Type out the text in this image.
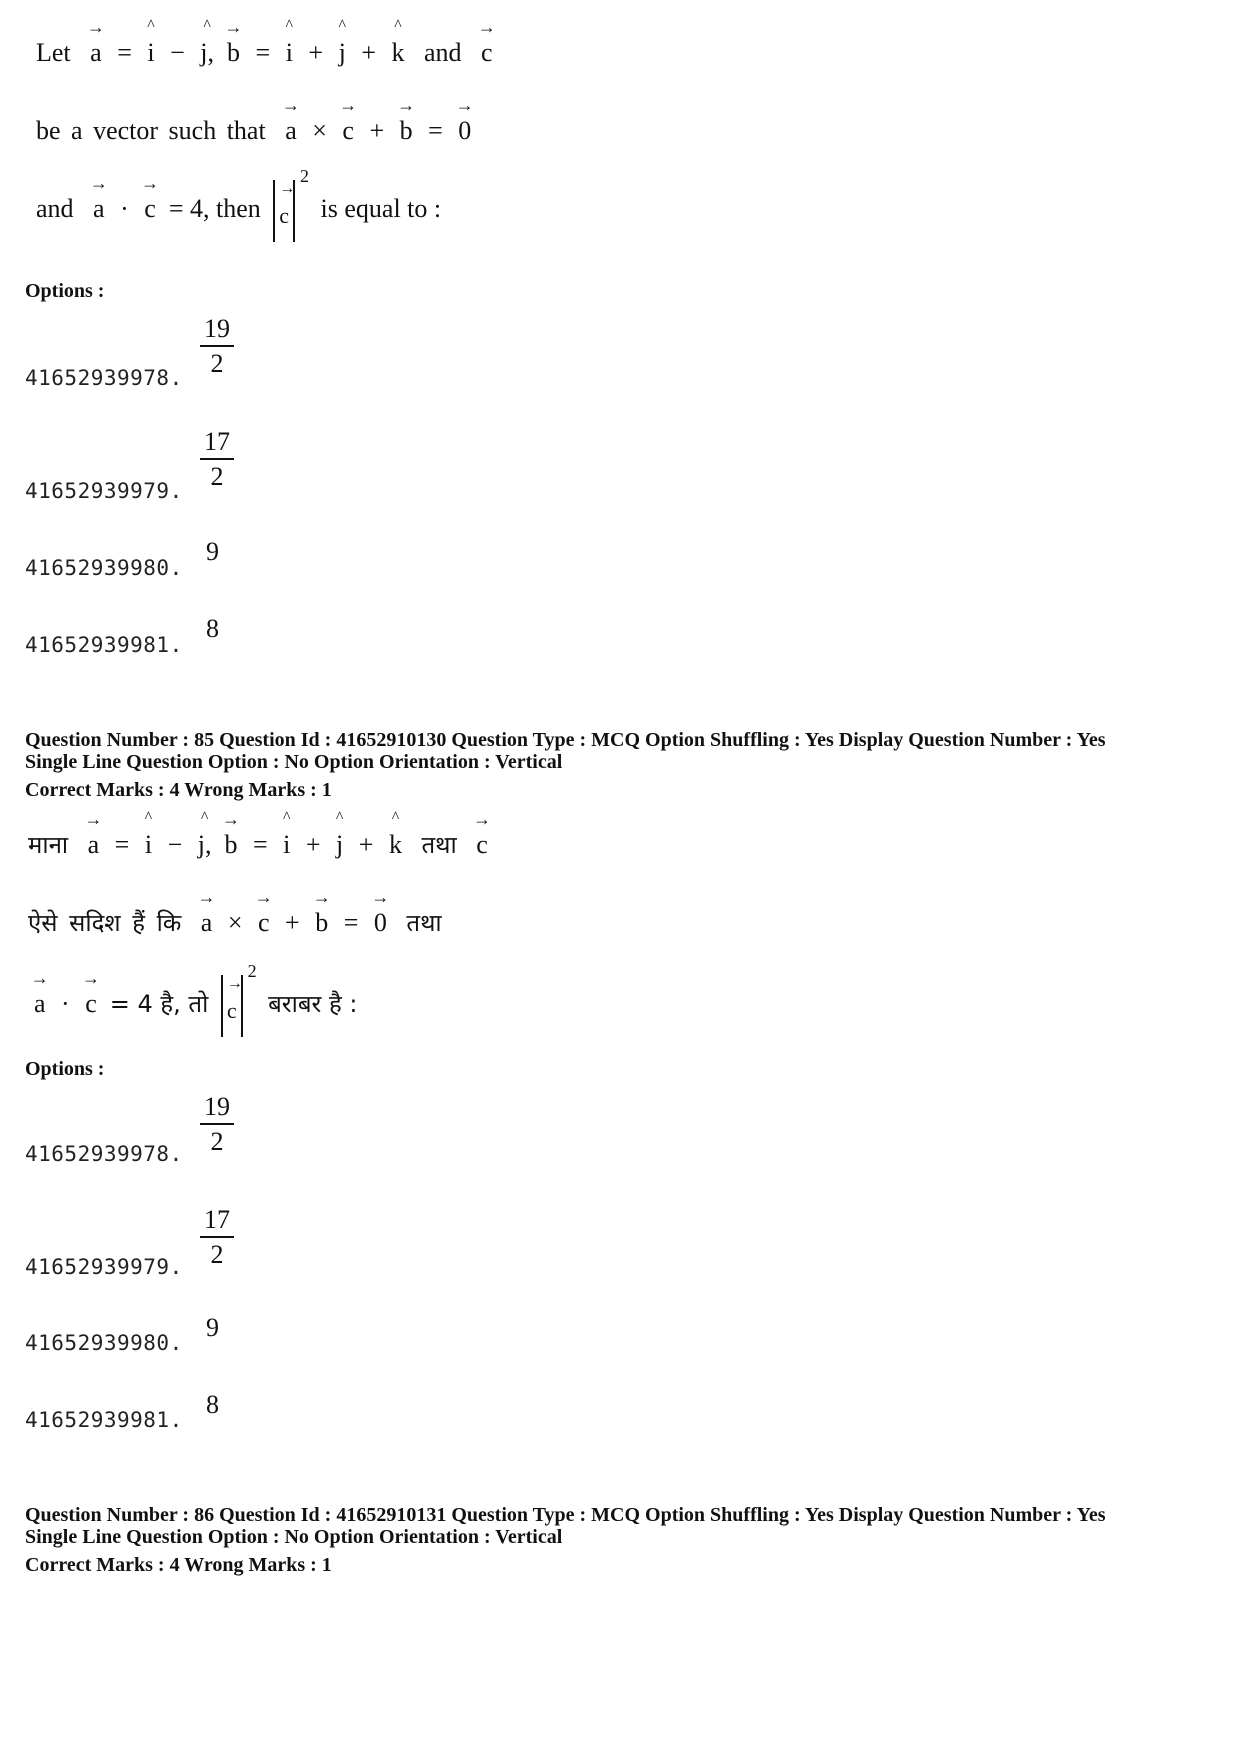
Let
→
a =
^
i −
^
j,
→
b =
^
i +
^
j +
^
k and
→
c
be a vector such that
→
a ×
→
c +
→
b =
→
0
and
→
a ·
→
c = 4, then
→
$_c$
2
is equal to :
Options :
$\frac{19}{2}$
41652939978.
$\frac{17}{2}$
41652939979.
9
41652939980.
8
41652939981.
Question Number : 85 Question Id : 41652910130 Question Type : MCQ Option Shuffling : Yes Display Question Number : Yes
Single Line Question Option : No Option Orientation : Vertical
Correct Marks : 4 Wrong Marks : 1
माना
→
a =
^
i −
^
j,
→
b =
^
i +
^
j +
^
k तथा
→
c
ऐसे सदिश हैं कि
→
a ×
→
c +
→
b =
→
0 तथा
→
a ·
→
c = 4 है, तो
→
$_c$
2
बराबर है :
Options :
$\frac{19}{2}$
41652939978.
$\frac{17}{2}$
41652939979.
9
41652939980.
8
41652939981.
Question Number : 86 Question Id : 41652910131 Question Type : MCQ Option Shuffling : Yes Display Question Number : Yes
Single Line Question Option : No Option Orientation : Vertical
Correct Marks : 4 Wrong Marks : 1
